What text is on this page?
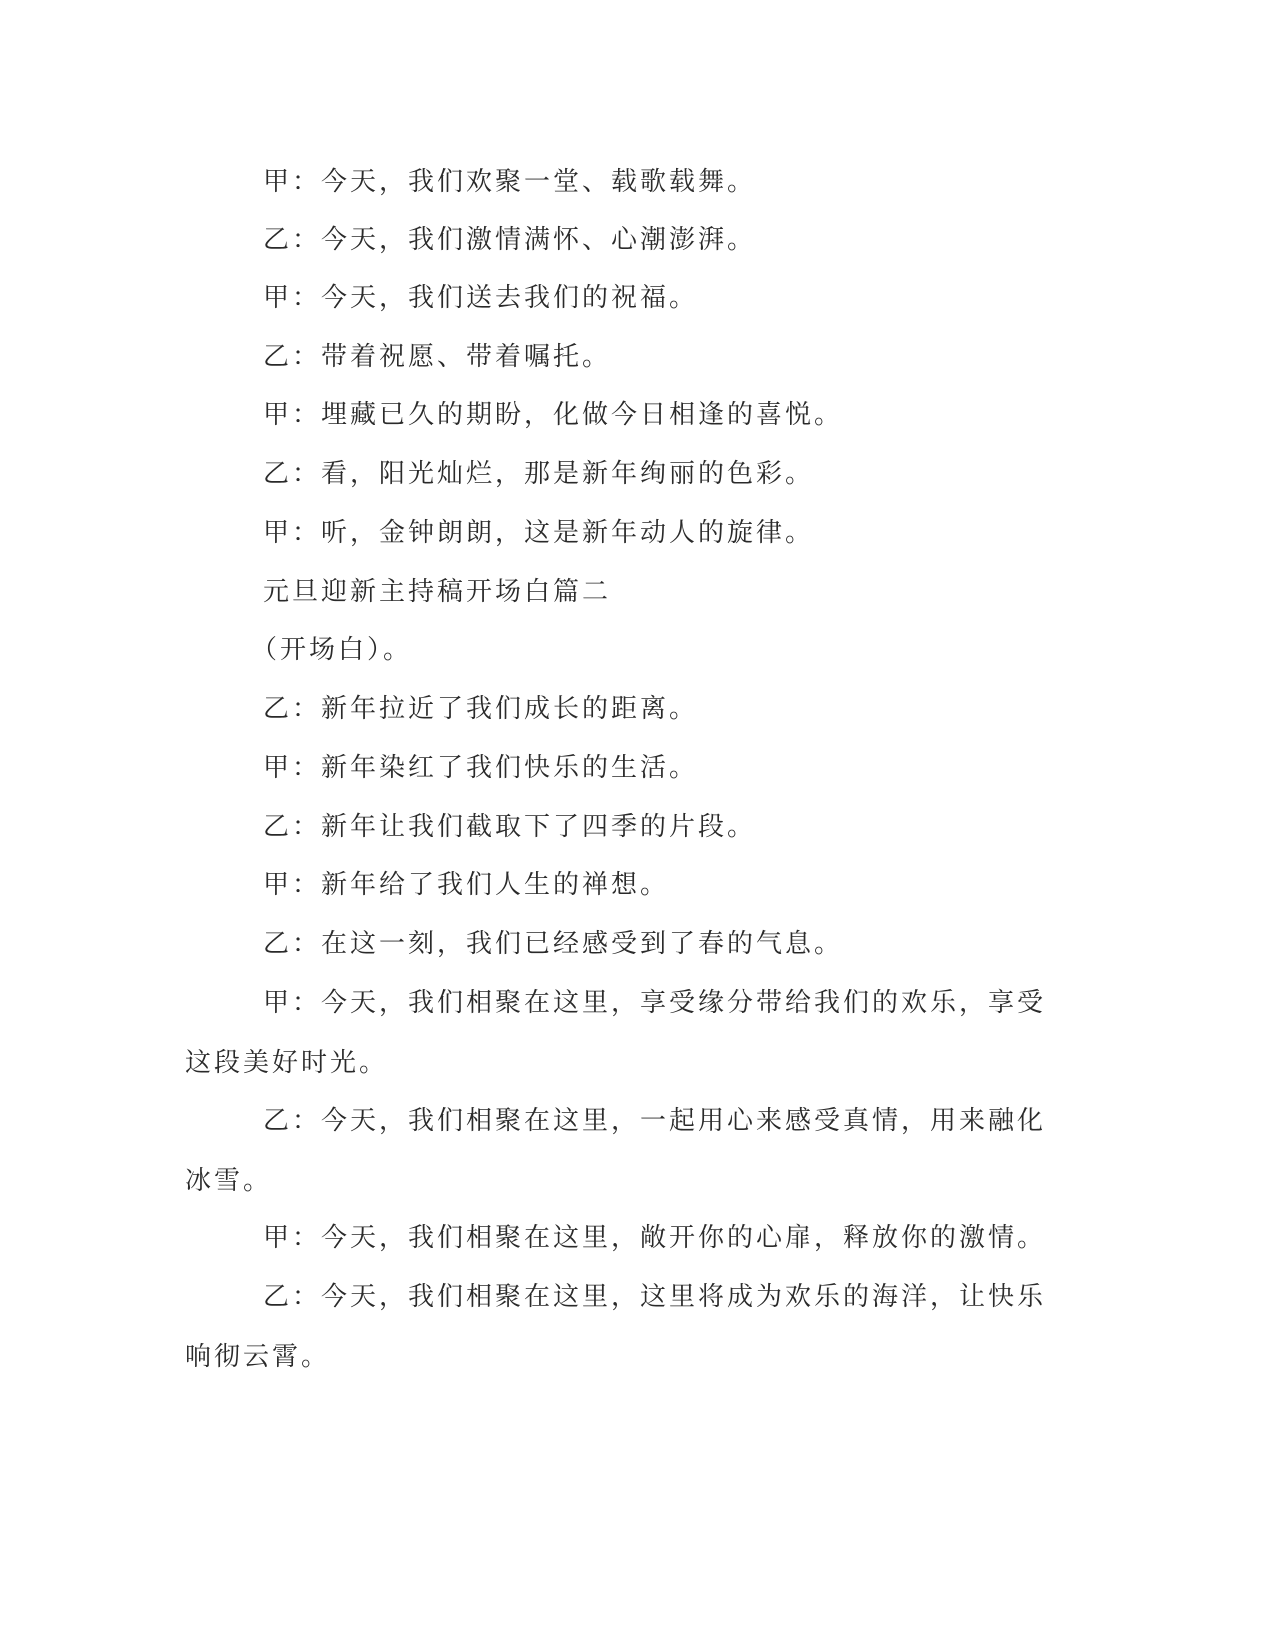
甲：今天，我们欢聚一堂、载歌载舞。

乙：今天，我们激情满怀、心潮澎湃。

甲：今天，我们送去我们的祝福。

乙：带着祝愿、带着嘱托。

甲：埋藏已久的期盼，化做今日相逢的喜悦。

乙：看，阳光灿烂，那是新年绚丽的色彩。

甲：听，金钟朗朗，这是新年动人的旋律。

元旦迎新主持稿开场白篇二

（开场白）。

乙：新年拉近了我们成长的距离。

甲：新年染红了我们快乐的生活。

乙：新年让我们截取下了四季的片段。

甲：新年给了我们人生的禅想。

乙：在这一刻，我们已经感受到了春的气息。

甲：今天，我们相聚在这里，享受缘分带给我们的欢乐，享受这段美好时光。

乙：今天，我们相聚在这里，一起用心来感受真情，用来融化冰雪。

甲：今天，我们相聚在这里，敞开你的心扉，释放你的激情。

乙：今天，我们相聚在这里，这里将成为欢乐的海洋，让快乐响彻云霄。
